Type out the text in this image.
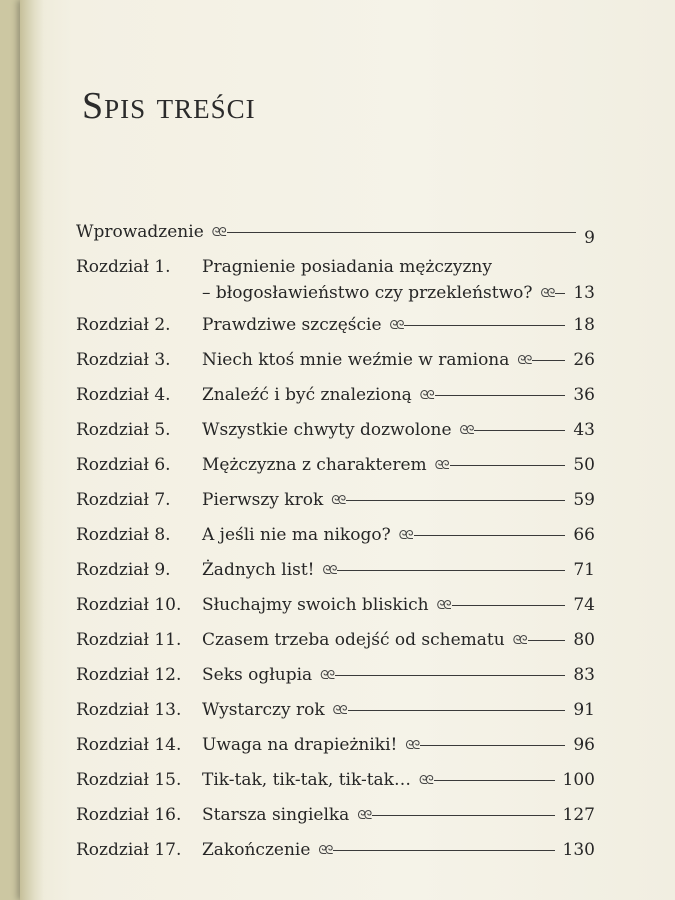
Spis treści
Wprowadzenie ᘓᘓ	9
Rozdział 1. Pragnienie posiadania mężczyzny
– błogosławieństwo czy przekleństwo? ᘓᘓ 13
Rozdział 2. Prawdziwe szczęście ᘓᘓ	18
Rozdział 3. Niech ktoś mnie weźmie w ramiona ᘓᘓ	26
Rozdział 4. Znaleźć i być znalezioną ᘓᘓ	36
Rozdział 5. Wszystkie chwyty dozwolone ᘓᘓ	43
Rozdział 6. Mężczyzna z charakterem ᘓᘓ	50
Rozdział 7. Pierwszy krok ᘓᘓ	59
Rozdział 8. A jeśli nie ma nikogo? ᘓᘓ	66
Rozdział 9. Żadnych list! ᘓᘓ	71
Rozdział 10. Słuchajmy swoich bliskich ᘓᘓ	74
Rozdział 11. Czasem trzeba odejść od schematu ᘓᘓ	80
Rozdział 12. Seks ogłupia ᘓᘓ	83
Rozdział 13. Wystarczy rok ᘓᘓ	91
Rozdział 14. Uwaga na drapieżniki! ᘓᘓ	96
Rozdział 15. Tik-tak, tik-tak, tik-tak… ᘓᘓ	100
Rozdział 16. Starsza singielka ᘓᘓ	127
Rozdział 17. Zakończenie ᘓᘓ	130
